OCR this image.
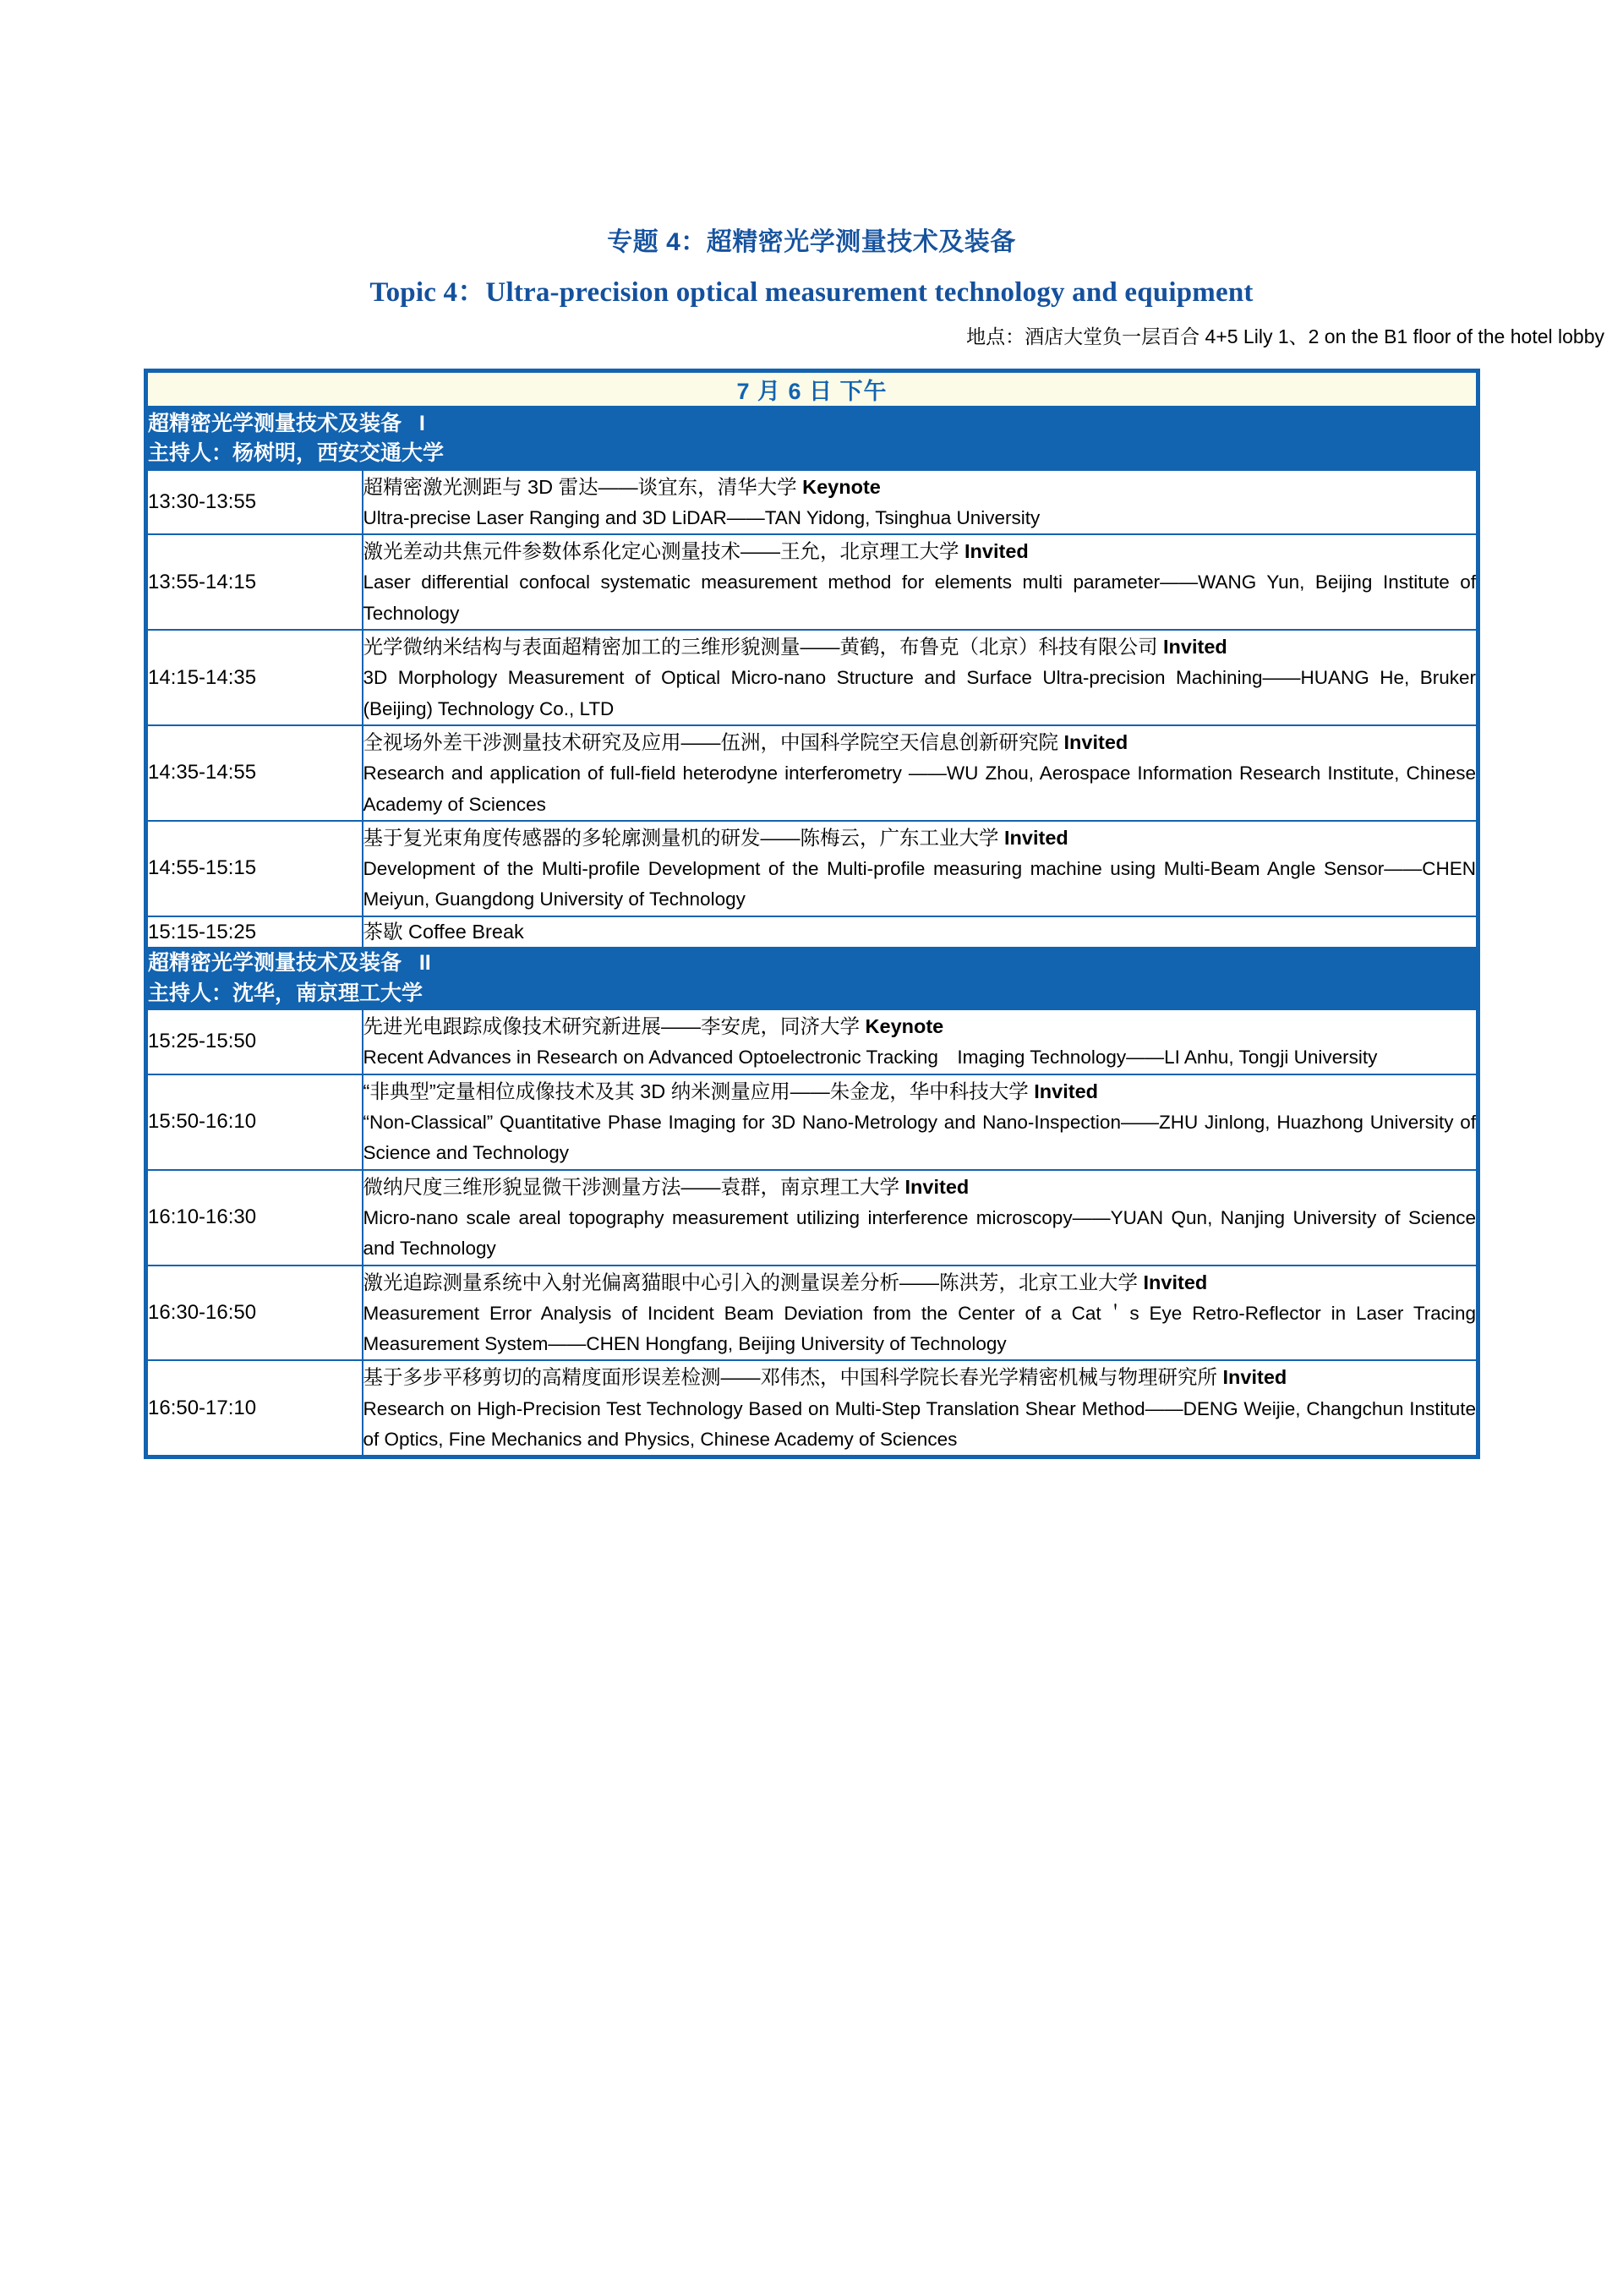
专题 4：超精密光学测量技术及装备
Topic 4：Ultra-precision optical measurement technology and equipment
地点：酒店大堂负一层百合 4+5 Lily 1、2 on the B1 floor of the hotel lobby
7 月 6 日 下午	

超精密光学测量技术及装备   I
主持人：杨树明，西安交通大学	

13:30-13:55	超精密激光测距与 3D 雷达——谈宜东，清华大学 Keynote
Ultra-precise Laser Ranging and 3D LiDAR——TAN Yidong, Tsinghua University

13:55-14:15	激光差动共焦元件参数体系化定心测量技术——王允，北京理工大学 Invited
Laser differential confocal systematic measurement method for elements multi parameter——WANG Yun, Beijing Institute of Technology

14:15-14:35	光学微纳米结构与表面超精密加工的三维形貌测量——黄鹤，布鲁克（北京）科技有限公司 Invited
3D Morphology Measurement of Optical Micro-nano Structure and Surface Ultra-precision Machining——HUANG He, Bruker (Beijing) Technology Co., LTD

14:35-14:55	全视场外差干涉测量技术研究及应用——伍洲，中国科学院空天信息创新研究院 Invited
Research and application of full-field heterodyne interferometry ——WU Zhou, Aerospace Information Research Institute, Chinese Academy of Sciences

14:55-15:15	基于复光束角度传感器的多轮廓测量机的研发——陈梅云，广东工业大学 Invited
Development of the Multi-profile Development of the Multi-profile measuring machine using Multi-Beam Angle Sensor——CHEN Meiyun, Guangdong University of Technology

15:15-15:25	茶歇 Coffee Break

超精密光学测量技术及装备   II
主持人：沈华，南京理工大学	

15:25-15:50	先进光电跟踪成像技术研究新进展——李安虎，同济大学 Keynote
Recent Advances in Research on Advanced Optoelectronic Tracking　Imaging Technology——LI Anhu, Tongji University

15:50-16:10	“非典型”定量相位成像技术及其 3D 纳米测量应用——朱金龙，华中科技大学 Invited
“Non-Classical” Quantitative Phase Imaging for 3D Nano-Metrology and Nano-Inspection——ZHU Jinlong, Huazhong University of Science and Technology

16:10-16:30	微纳尺度三维形貌显微干涉测量方法——袁群，南京理工大学 Invited
Micro-nano scale areal topography measurement utilizing interference microscopy——YUAN Qun, Nanjing University of Science and Technology

16:30-16:50	激光追踪测量系统中入射光偏离猫眼中心引入的测量误差分析——陈洪芳，北京工业大学 Invited
Measurement Error Analysis of Incident Beam Deviation from the Center of a Cat＇s Eye Retro-Reflector in Laser Tracing Measurement System——CHEN Hongfang, Beijing University of Technology

16:50-17:10	基于多步平移剪切的高精度面形误差检测——邓伟杰，中国科学院长春光学精密机械与物理研究所 Invited
Research on High-Precision Test Technology Based on Multi-Step Translation Shear Method——DENG Weijie, Changchun Institute of Optics, Fine Mechanics and Physics, Chinese Academy of Sciences
